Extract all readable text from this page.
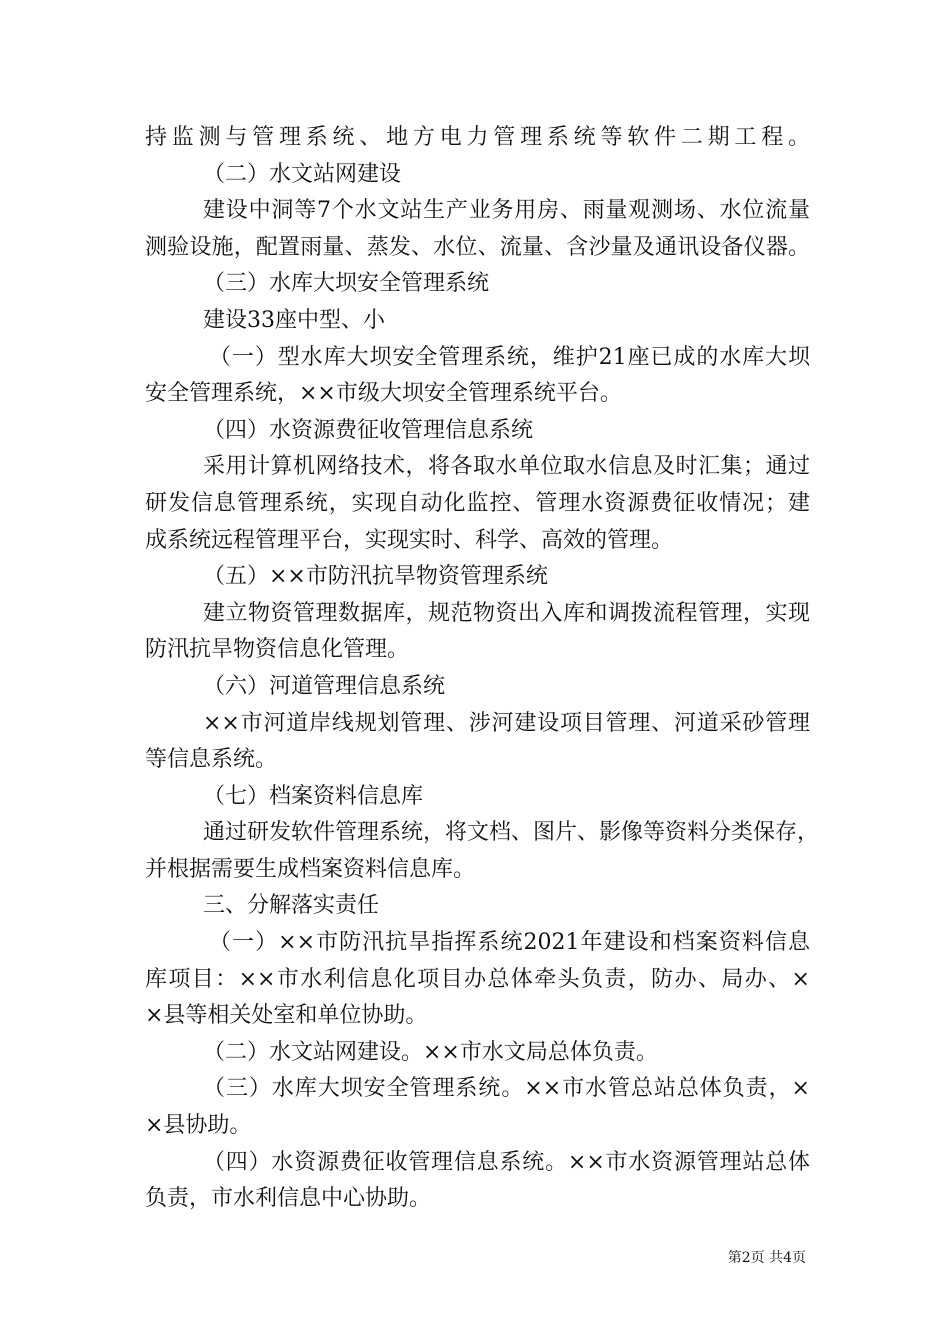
持监测与管理系统、地方电力管理系统等软件二期工程。
（二）水文站网建设
建设中洞等7个水文站生产业务用房、雨量观测场、水位流量
测验设施，配置雨量、蒸发、水位、流量、含沙量及通讯设备仪器。
（三）水库大坝安全管理系统
建设33座中型、小
（一）型水库大坝安全管理系统，维护21座已成的水库大坝
安全管理系统，××市级大坝安全管理系统平台。
（四）水资源费征收管理信息系统
采用计算机网络技术，将各取水单位取水信息及时汇集；通过
研发信息管理系统，实现自动化监控、管理水资源费征收情况；建
成系统远程管理平台，实现实时、科学、高效的管理。
（五）××市防汛抗旱物资管理系统
建立物资管理数据库，规范物资出入库和调拨流程管理，实现
防汛抗旱物资信息化管理。
（六）河道管理信息系统
××市河道岸线规划管理、涉河建设项目管理、河道采砂管理
等信息系统。
（七）档案资料信息库
通过研发软件管理系统，将文档、图片、影像等资料分类保存，
并根据需要生成档案资料信息库。
三、分解落实责任
（一）××市防汛抗旱指挥系统2021年建设和档案资料信息
库项目：××市水利信息化项目办总体牵头负责，防办、局办、×
×县等相关处室和单位协助。
（二）水文站网建设。××市水文局总体负责。
（三）水库大坝安全管理系统。××市水管总站总体负责，×
×县协助。
（四）水资源费征收管理信息系统。××市水资源管理站总体
负责，市水利信息中心协助。
第2页 共4页
